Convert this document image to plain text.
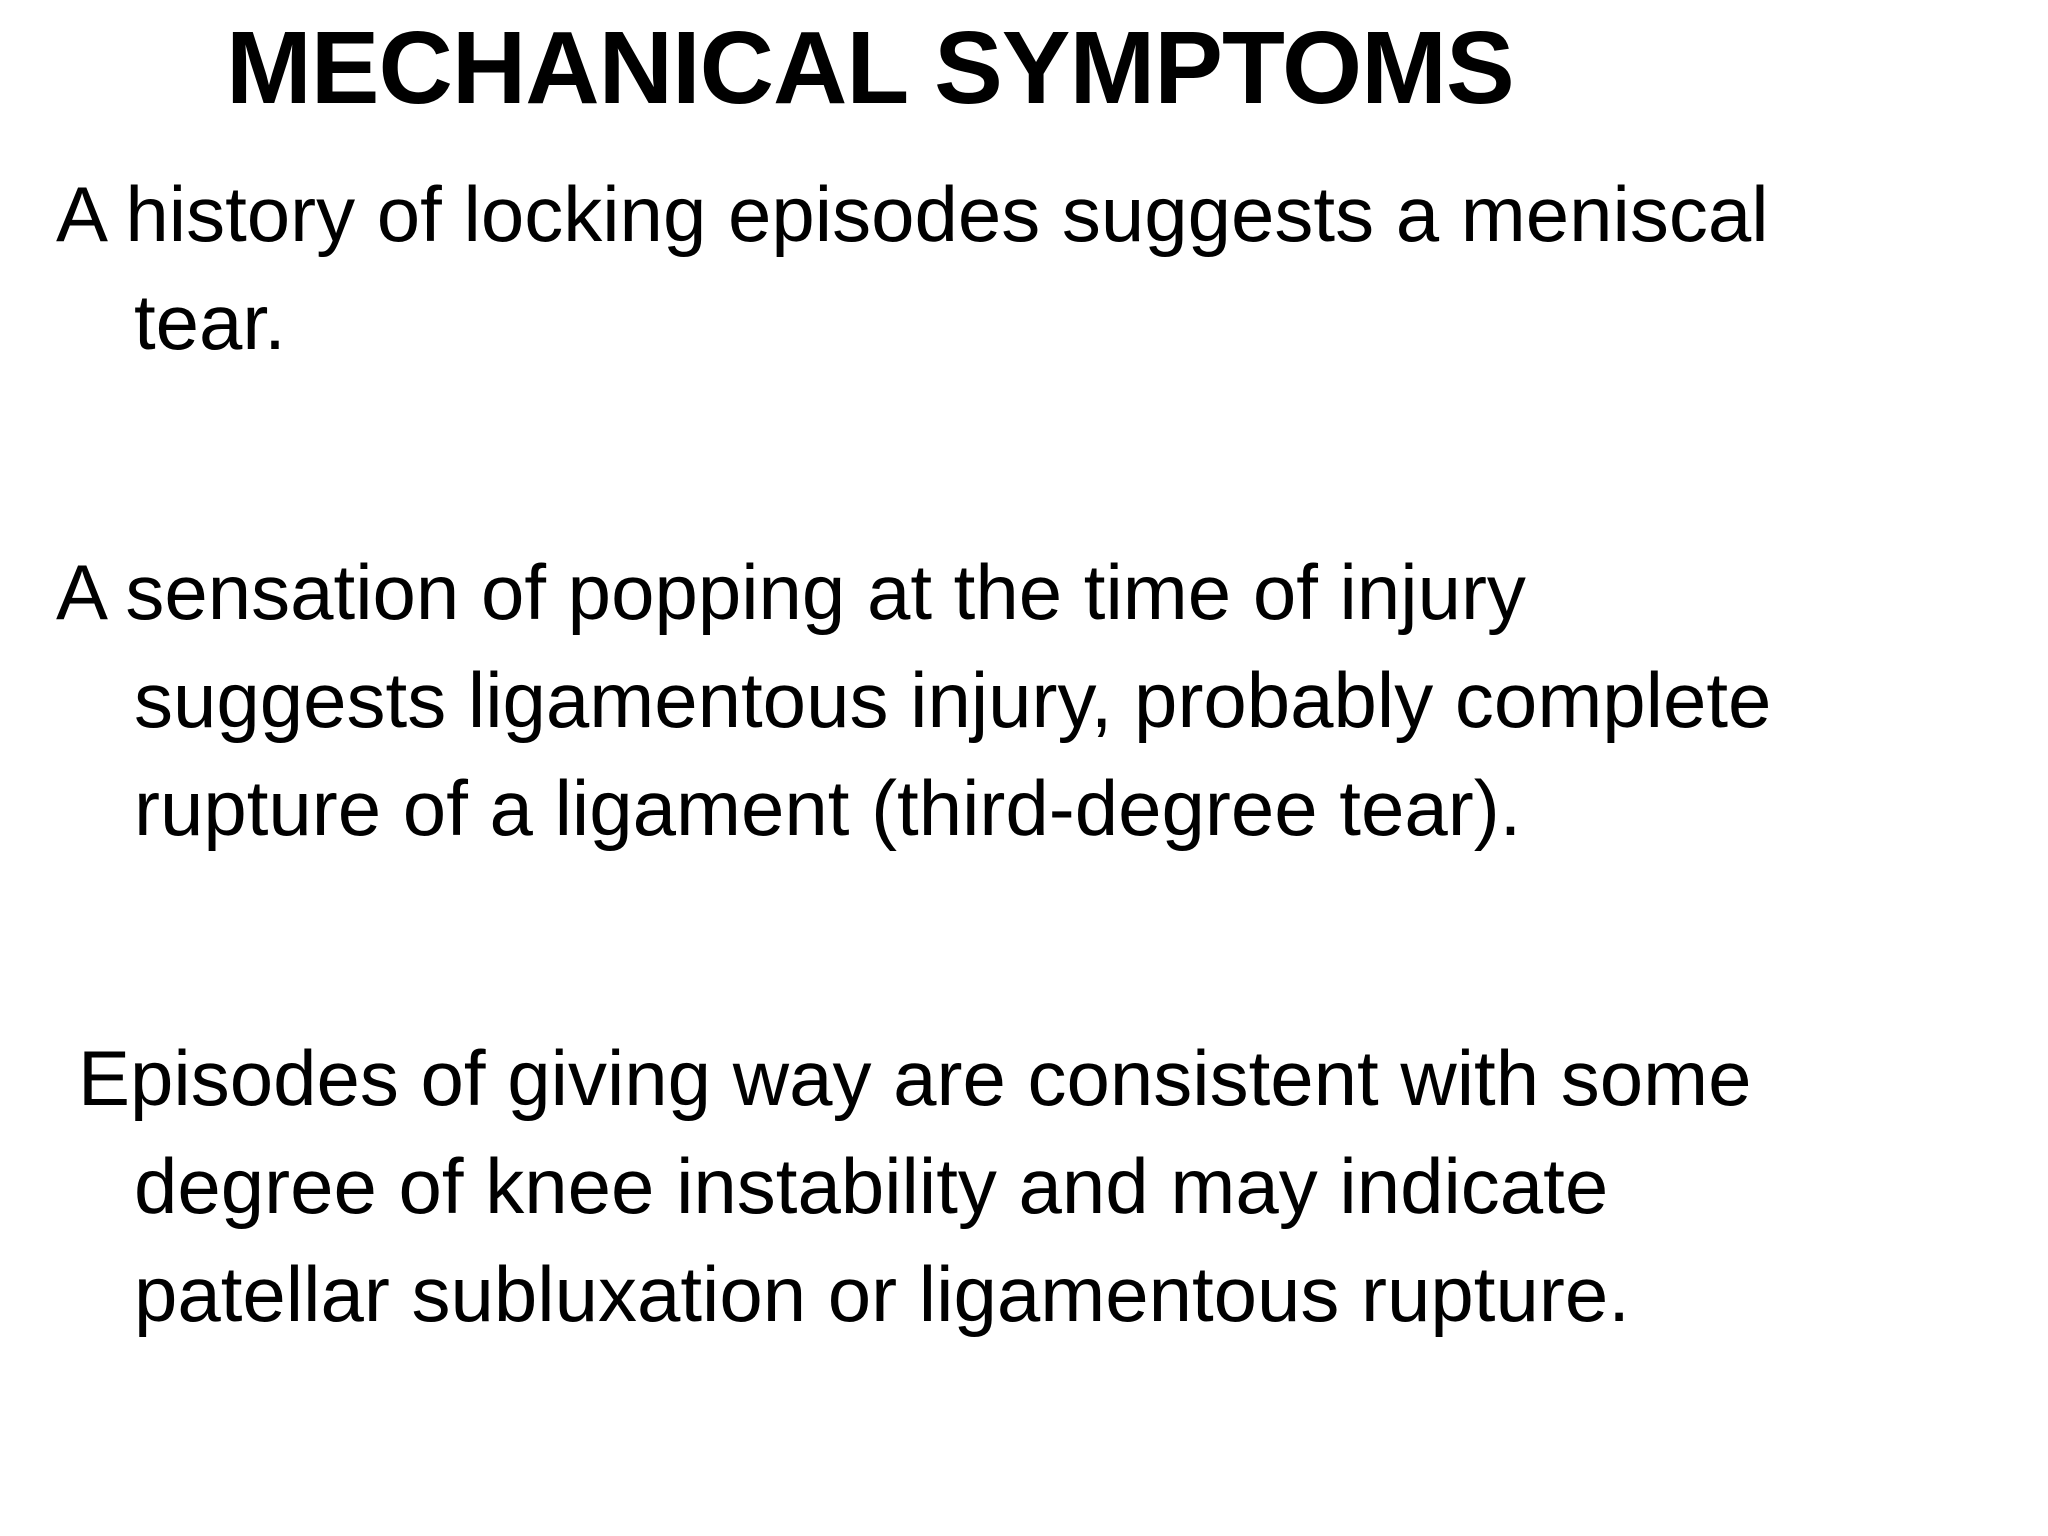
MECHANICAL SYMPTOMS

A history of locking episodes suggests a meniscal
tear.

A sensation of popping at the time of injury
suggests ligamentous injury, probably complete
rupture of a ligament (third-degree tear).

Episodes of giving way are consistent with some
degree of knee instability and may indicate
patellar subluxation or ligamentous rupture.
